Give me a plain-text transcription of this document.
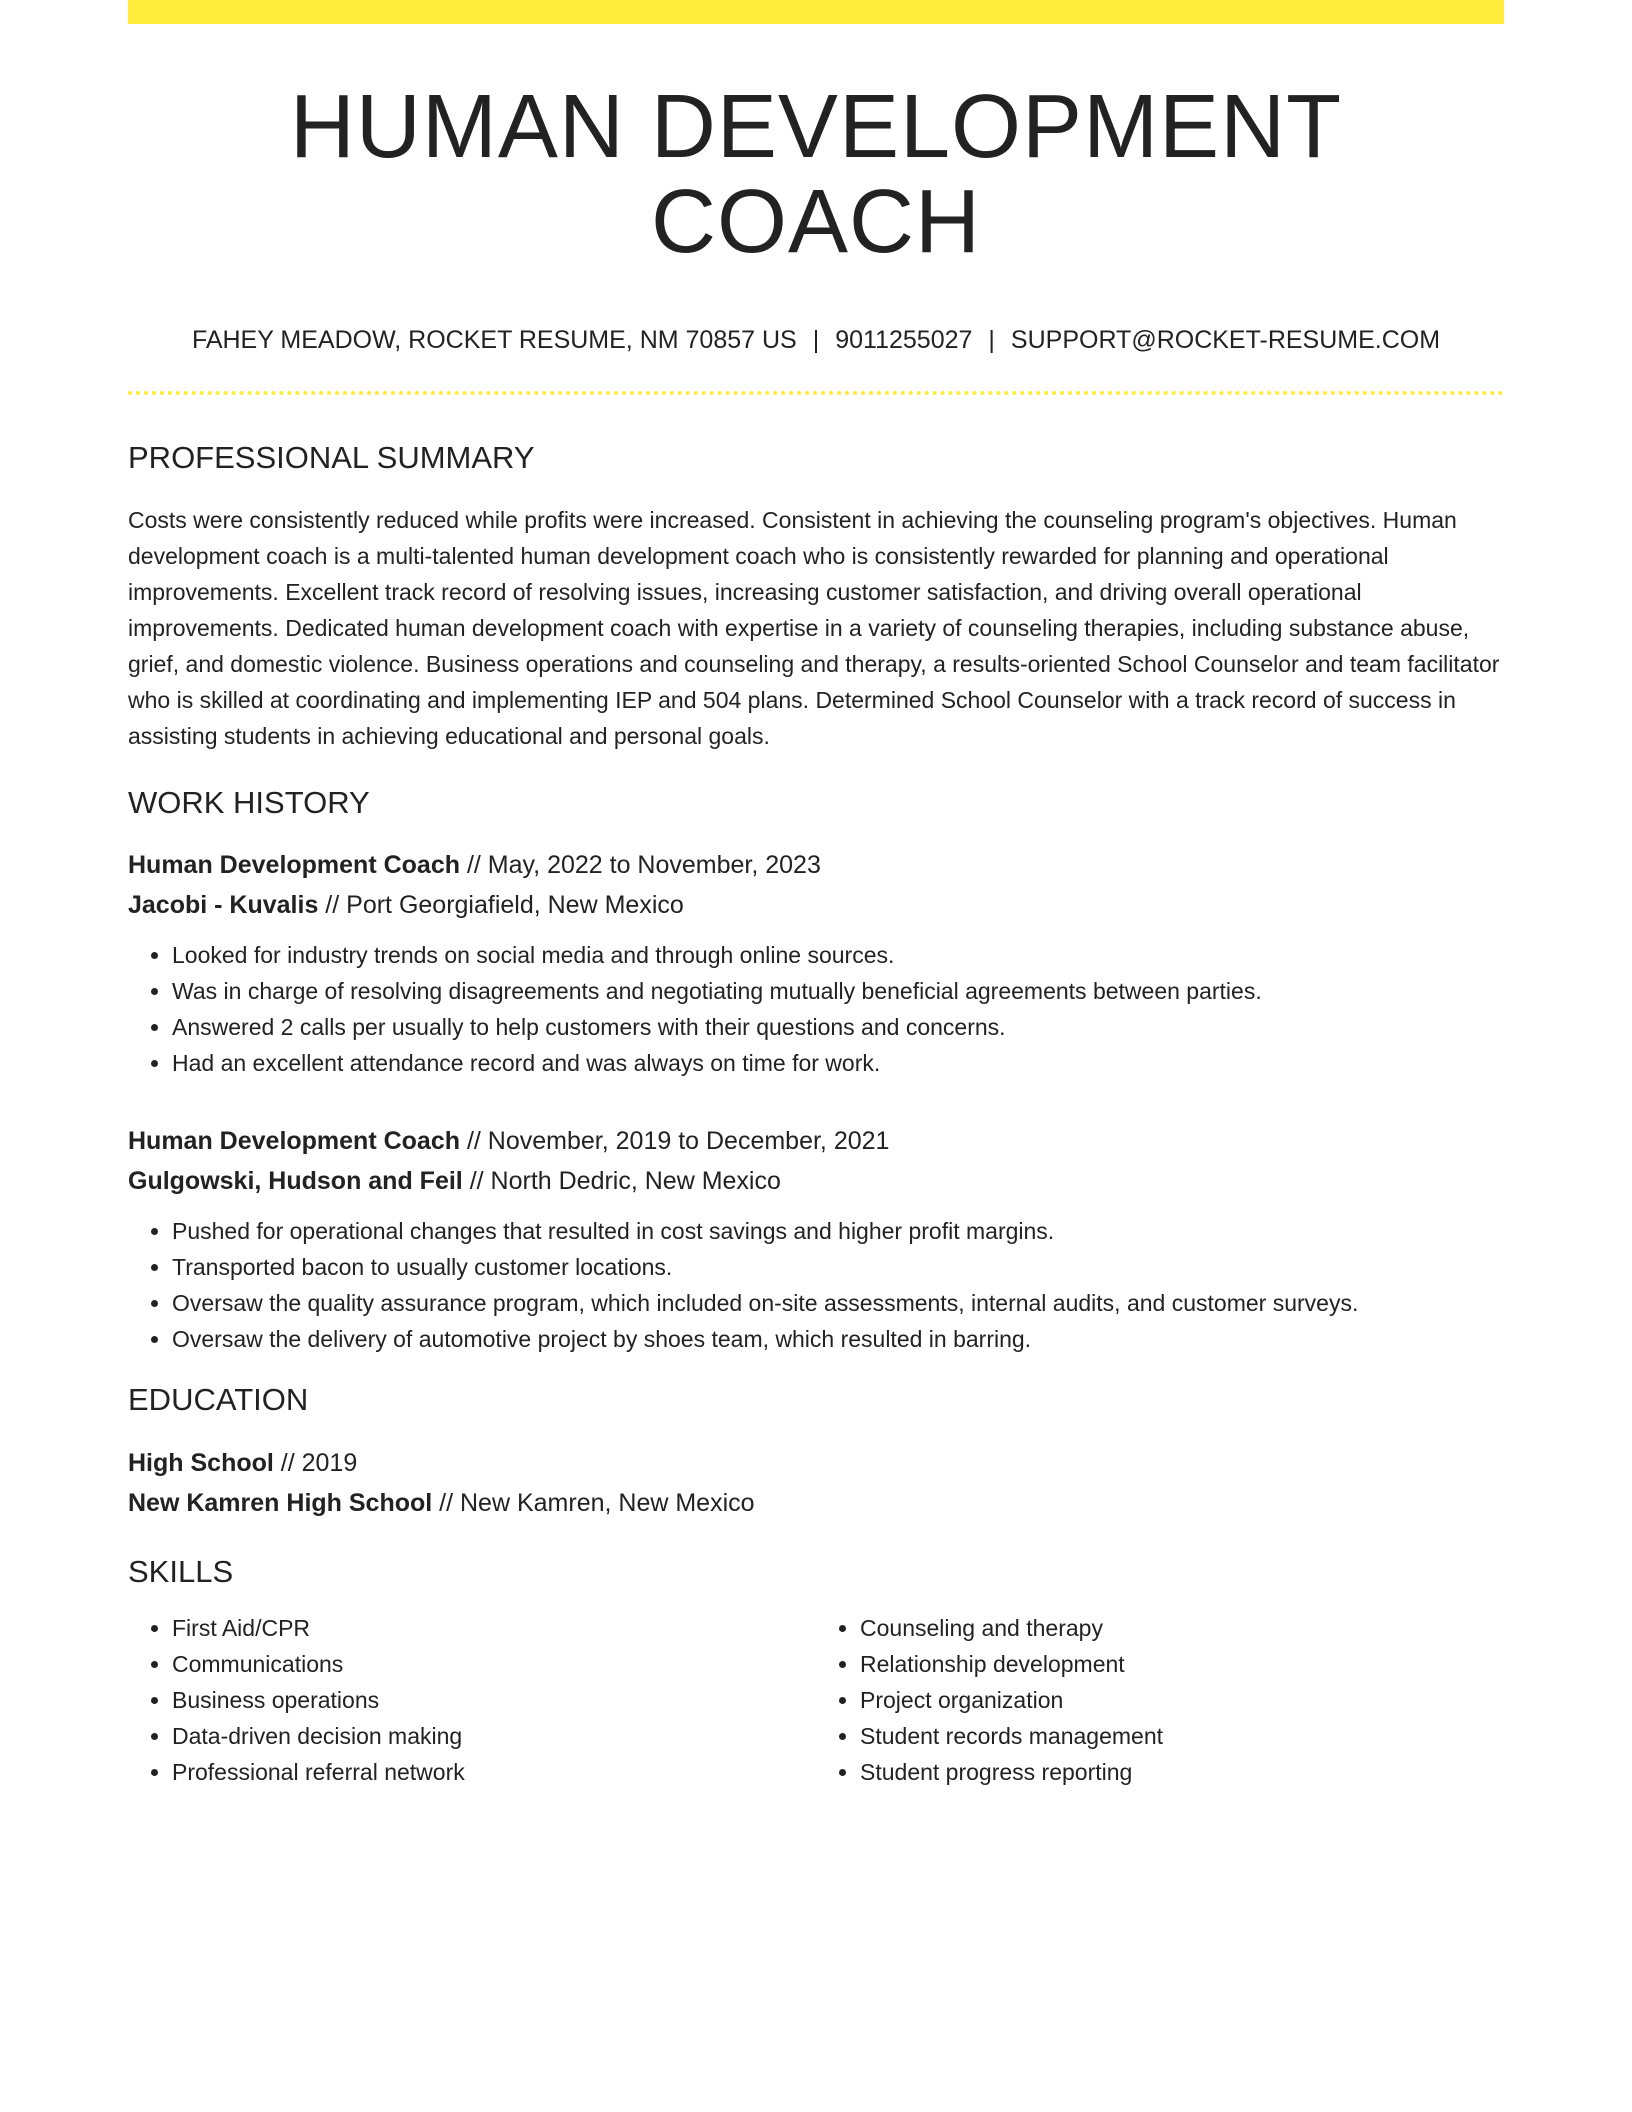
HUMAN DEVELOPMENT COACH
FAHEY MEADOW, ROCKET RESUME, NM 70857 US | 9011255027 | SUPPORT@ROCKET-RESUME.COM
PROFESSIONAL SUMMARY
Costs were consistently reduced while profits were increased. Consistent in achieving the counseling program's objectives. Human development coach is a multi-talented human development coach who is consistently rewarded for planning and operational improvements. Excellent track record of resolving issues, increasing customer satisfaction, and driving overall operational improvements. Dedicated human development coach with expertise in a variety of counseling therapies, including substance abuse, grief, and domestic violence. Business operations and counseling and therapy, a results-oriented School Counselor and team facilitator who is skilled at coordinating and implementing IEP and 504 plans. Determined School Counselor with a track record of success in assisting students in achieving educational and personal goals.
WORK HISTORY
Human Development Coach // May, 2022 to November, 2023
Jacobi - Kuvalis // Port Georgiafield, New Mexico
• Looked for industry trends on social media and through online sources.
• Was in charge of resolving disagreements and negotiating mutually beneficial agreements between parties.
• Answered 2 calls per usually to help customers with their questions and concerns.
• Had an excellent attendance record and was always on time for work.
Human Development Coach // November, 2019 to December, 2021
Gulgowski, Hudson and Feil // North Dedric, New Mexico
• Pushed for operational changes that resulted in cost savings and higher profit margins.
• Transported bacon to usually customer locations.
• Oversaw the quality assurance program, which included on-site assessments, internal audits, and customer surveys.
• Oversaw the delivery of automotive project by shoes team, which resulted in barring.
EDUCATION
High School // 2019
New Kamren High School // New Kamren, New Mexico
SKILLS
• First Aid/CPR
• Communications
• Business operations
• Data-driven decision making
• Professional referral network
• Counseling and therapy
• Relationship development
• Project organization
• Student records management
• Student progress reporting
